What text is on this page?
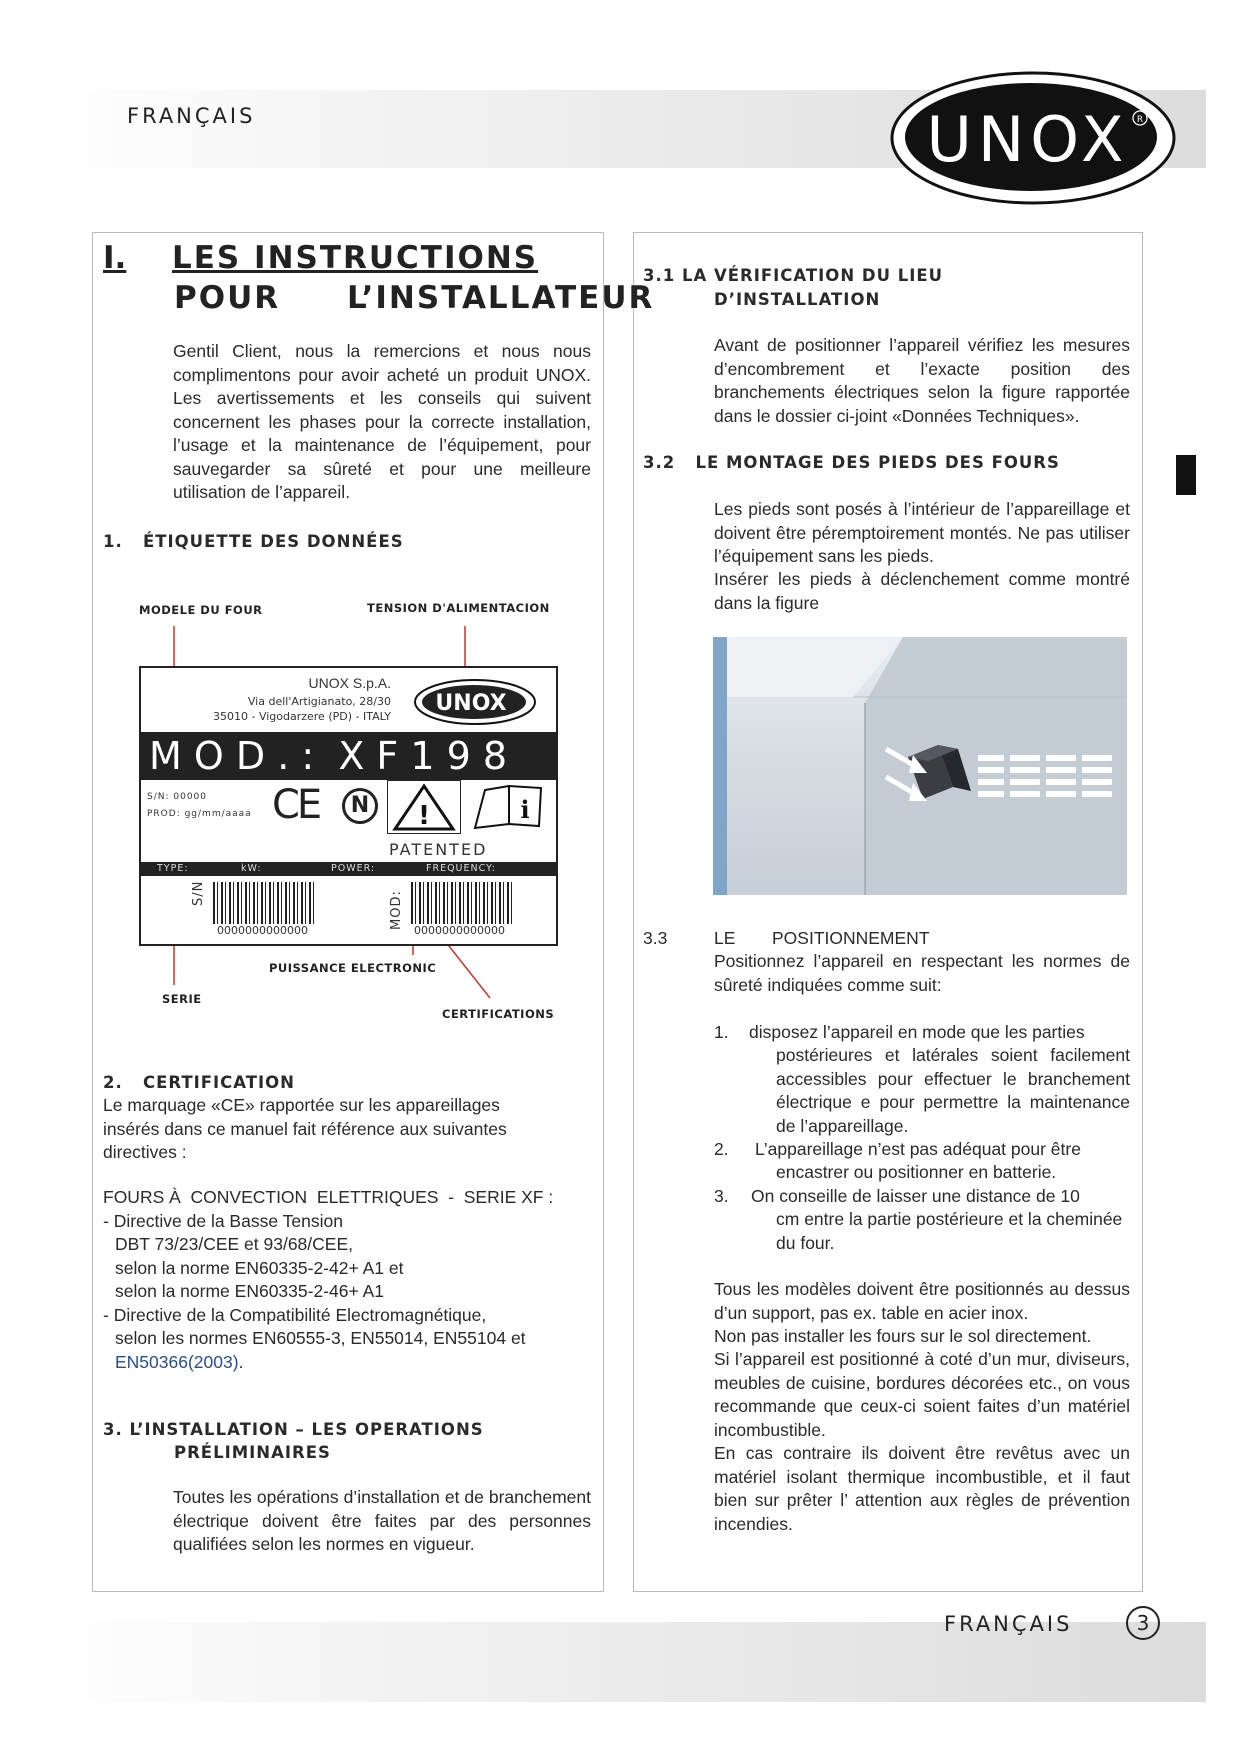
FRANÇAIS	UNOX R
I. LES INSTRUCTIONS
POUR L’INSTALLATEUR
Gentil Client, nous la remercions et nous nous complimentons pour avoir acheté un produit UNOX. Les avertissements et les conseils qui suivent concernent les phases pour la correcte installation, l’usage et la maintenance de l’équipement, pour sauvegarder sa sûreté et pour une meilleure utilisation de l’appareil.
1.   ÉTIQUETTE DES DONNÉES
MODELE DU FOUR	TENSION D'ALIMENTACION
UNOX S.p.A.
Via dell'Artigianato, 28/30
35010 - Vigodarzere (PD) - ITALY
UNOX
M O D . :  X F 1 9 8
S/N: 00000
PROD: gg/mm/aaaa CE	N	!	i
PATENTED
TYPE:	kW:	POWER:	FREQUENCY:
S/N
0000000000000
MOD:
0000000000000
PUISSANCE ELECTRONIC
SERIE
CERTIFICATIONS
2.   CERTIFICATION
Le marquage «CE» rapportée sur les appareillages insérés dans ce manuel fait référence aux suivantes directives :
FOURS À  CONVECTION  ELETTRIQUES  -  SERIE XF :
- Directive de la Basse Tension
DBT 73/23/CEE et 93/68/CEE,
selon la norme EN60335-2-42+ A1 et
selon la norme EN60335-2-46+ A1
- Directive de la Compatibilité Electromagnétique,
selon les normes EN60555-3, EN55014, EN55104 et
EN50366(2003).
3. L’INSTALLATION – LES OPERATIONS
PRÉLIMINAIRES
Toutes les opérations d’installation et de branchement électrique doivent être faites par des personnes qualifiées selon les normes en vigueur.
3.1 LA VÉRIFICATION DU LIEU
D’INSTALLATION
Avant de positionner l’appareil vérifiez les mesures d’encombrement et l’exacte position des branchements électriques selon la figure rapportée dans le dossier ci-joint «Données Techniques».
3.2   LE MONTAGE DES PIEDS DES FOURS
Les pieds sont posés à l’intérieur de l’appareillage et doivent être péremptoirement montés. Ne pas utiliser l’équipement sans les pieds.
Insérer les pieds à déclenchement comme montré dans la figure
3.3	LE POSITIONNEMENT
Positionnez l’appareil en respectant les normes de sûreté indiquées comme suit:
1. disposez l’appareil en mode que les parties
postérieures et latérales soient facilement accessibles pour effectuer le branchement électrique e pour permettre la maintenance de l’appareillage.
2. L’appareillage n’est pas adéquat pour être
encastrer ou positionner en batterie.
3. On conseille de laisser une distance de 10
cm entre la partie postérieure et la cheminée du four.
Tous les modèles doivent être positionnés au dessus d’un support, pas ex. table en acier inox.
Non pas installer les fours sur le sol directement.
Si l’appareil est positionné à coté d’un mur, diviseurs, meubles de cuisine, bordures décorées etc., on vous recommande que ceux-ci soient faites d’un matériel incombustible.
En cas contraire ils doivent être revêtus avec un matériel isolant thermique incombustible, et il faut bien sur prêter l’ attention aux règles de prévention incendies.
FRANÇAIS	3
